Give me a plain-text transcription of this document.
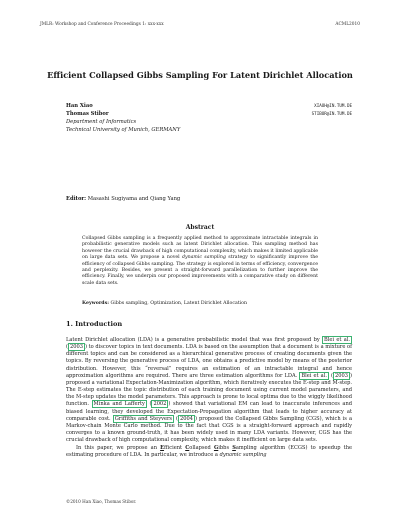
JMLR: Workshop and Conference Proceedings 1: xxx-xxx	ACML2010
Efficient Collapsed Gibbs Sampling For Latent Dirichlet Allocation
Han Xiao	XIAOH@IN.TUM.DE
Thomas Stibor	STIBOR@IN.TUM.DE
Department of Informatics
Technical University of Munich, GERMANY
Editor: Masashi Sugiyama and Qiang Yang
Abstract
Collapsed Gibbs sampling is a frequently applied method to approximate intractable integrals in probabilistic generative models such as latent Dirichlet allocation. This sampling method has however the crucial drawback of high computational complexity, which makes it limited applicable on large data sets. We propose a novel dynamic sampling strategy to significantly improve the efficiency of collapsed Gibbs sampling. The strategy is explored in terms of efficiency, convergence and perplexity. Besides, we present a straight-forward parallelization to further improve the efficiency. Finally, we underpin our proposed improvements with a comparative study on different scale data sets.
Keywords: Gibbs sampling, Optimization, Latent Dirichlet Allocation
1. Introduction

Latent Dirichlet allocation (LDA) is a generative probabilistic model that was first proposed by Blei et al. ( 2003 ) to discover topics in text documents. LDA is based on the assumption that a document is a mixture of different topics and can be considered as a hierarchical generative process of creating documents given the topics. By reversing the generative process of LDA, one obtains a predictive model by means of the posterior distribution. However, this “reversal” requires an estimation of an intractable integral and hence approximation algorithms are required. There are three estimation algorithms for LDA. Blei et al. ( 2003 ) proposed a variational Expectation-Maximization algorithm, which iteratively executes the E-step and M-step. The E-step estimates the topic distribution of each training document using current model parameters, and the M-step updates the model parameters. This approach is prone to local optima due to the wiggly likelihood function. Minka and Lafferty ( 2002 ) showed that variational EM can lead to inaccurate inferences and biased learning, they developed the Expectation-Propagation algorithm that leads to higher accuracy at comparable cost. Griffiths and Steyvers ( 2004 ) proposed the Collapsed Gibbs Sampling (CGS), which is a Markov-chain Monte Carlo method. Due to the fact that CGS is a straight-forward approach and rapidly converges to a known ground-truth, it has been widely used in many LDA variants. However, CGS has the crucial drawback of high computational complexity, which makes it inefficient on large data sets.

In this paper, we propose an Efficient Collapsed Gibbs Sampling algorithm (ECGS) to speedup the estimating procedure of LDA. In particular, we introduce a dynamic sampling

©2010 Han Xiao, Thomas Stibor.
